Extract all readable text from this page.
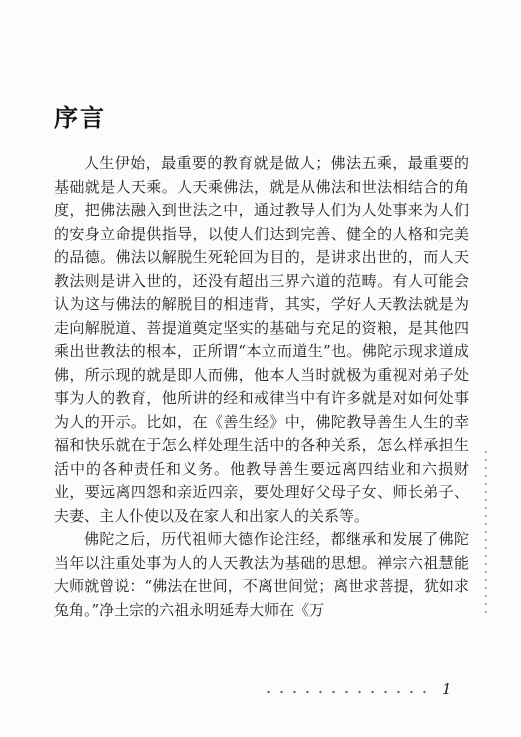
序言

人生伊始，最重要的教育就是做人；佛法五乘，最重要的基础就是人天乘。人天乘佛法，就是从佛法和世法相结合的角度，把佛法融入到世法之中，通过教导人们为人处事来为人们的安身立命提供指导，以使人们达到完善、健全的人格和完美的品德。佛法以解脱生死轮回为目的，是讲求出世的，而人天教法则是讲入世的，还没有超出三界六道的范畴。有人可能会认为这与佛法的解脱目的相违背，其实，学好人天教法就是为走向解脱道、菩提道奠定坚实的基础与充足的资粮，是其他四乘出世教法的根本，正所谓“本立而道生”也。佛陀示现求道成佛，所示现的就是即人而佛，他本人当时就极为重视对弟子处事为人的教育，他所讲的经和戒律当中有许多就是对如何处事为人的开示。比如，在《善生经》中，佛陀教导善生人生的幸福和快乐就在于怎么样处理生活中的各种关系，怎么样承担生活中的各种责任和义务。他教导善生要远离四结业和六损财业，要远离四怨和亲近四亲，要处理好父母子女、师长弟子、夫妻、主人仆使以及在家人和出家人的关系等。

佛陀之后，历代祖师大德作论注经，都继承和发展了佛陀当年以注重处事为人的人天教法为基础的思想。禅宗六祖慧能大师就曾说：“佛法在世间，不离世间觉；离世求菩提，犹如求兔角。”净土宗的六祖永明延寿大师在《万

1
